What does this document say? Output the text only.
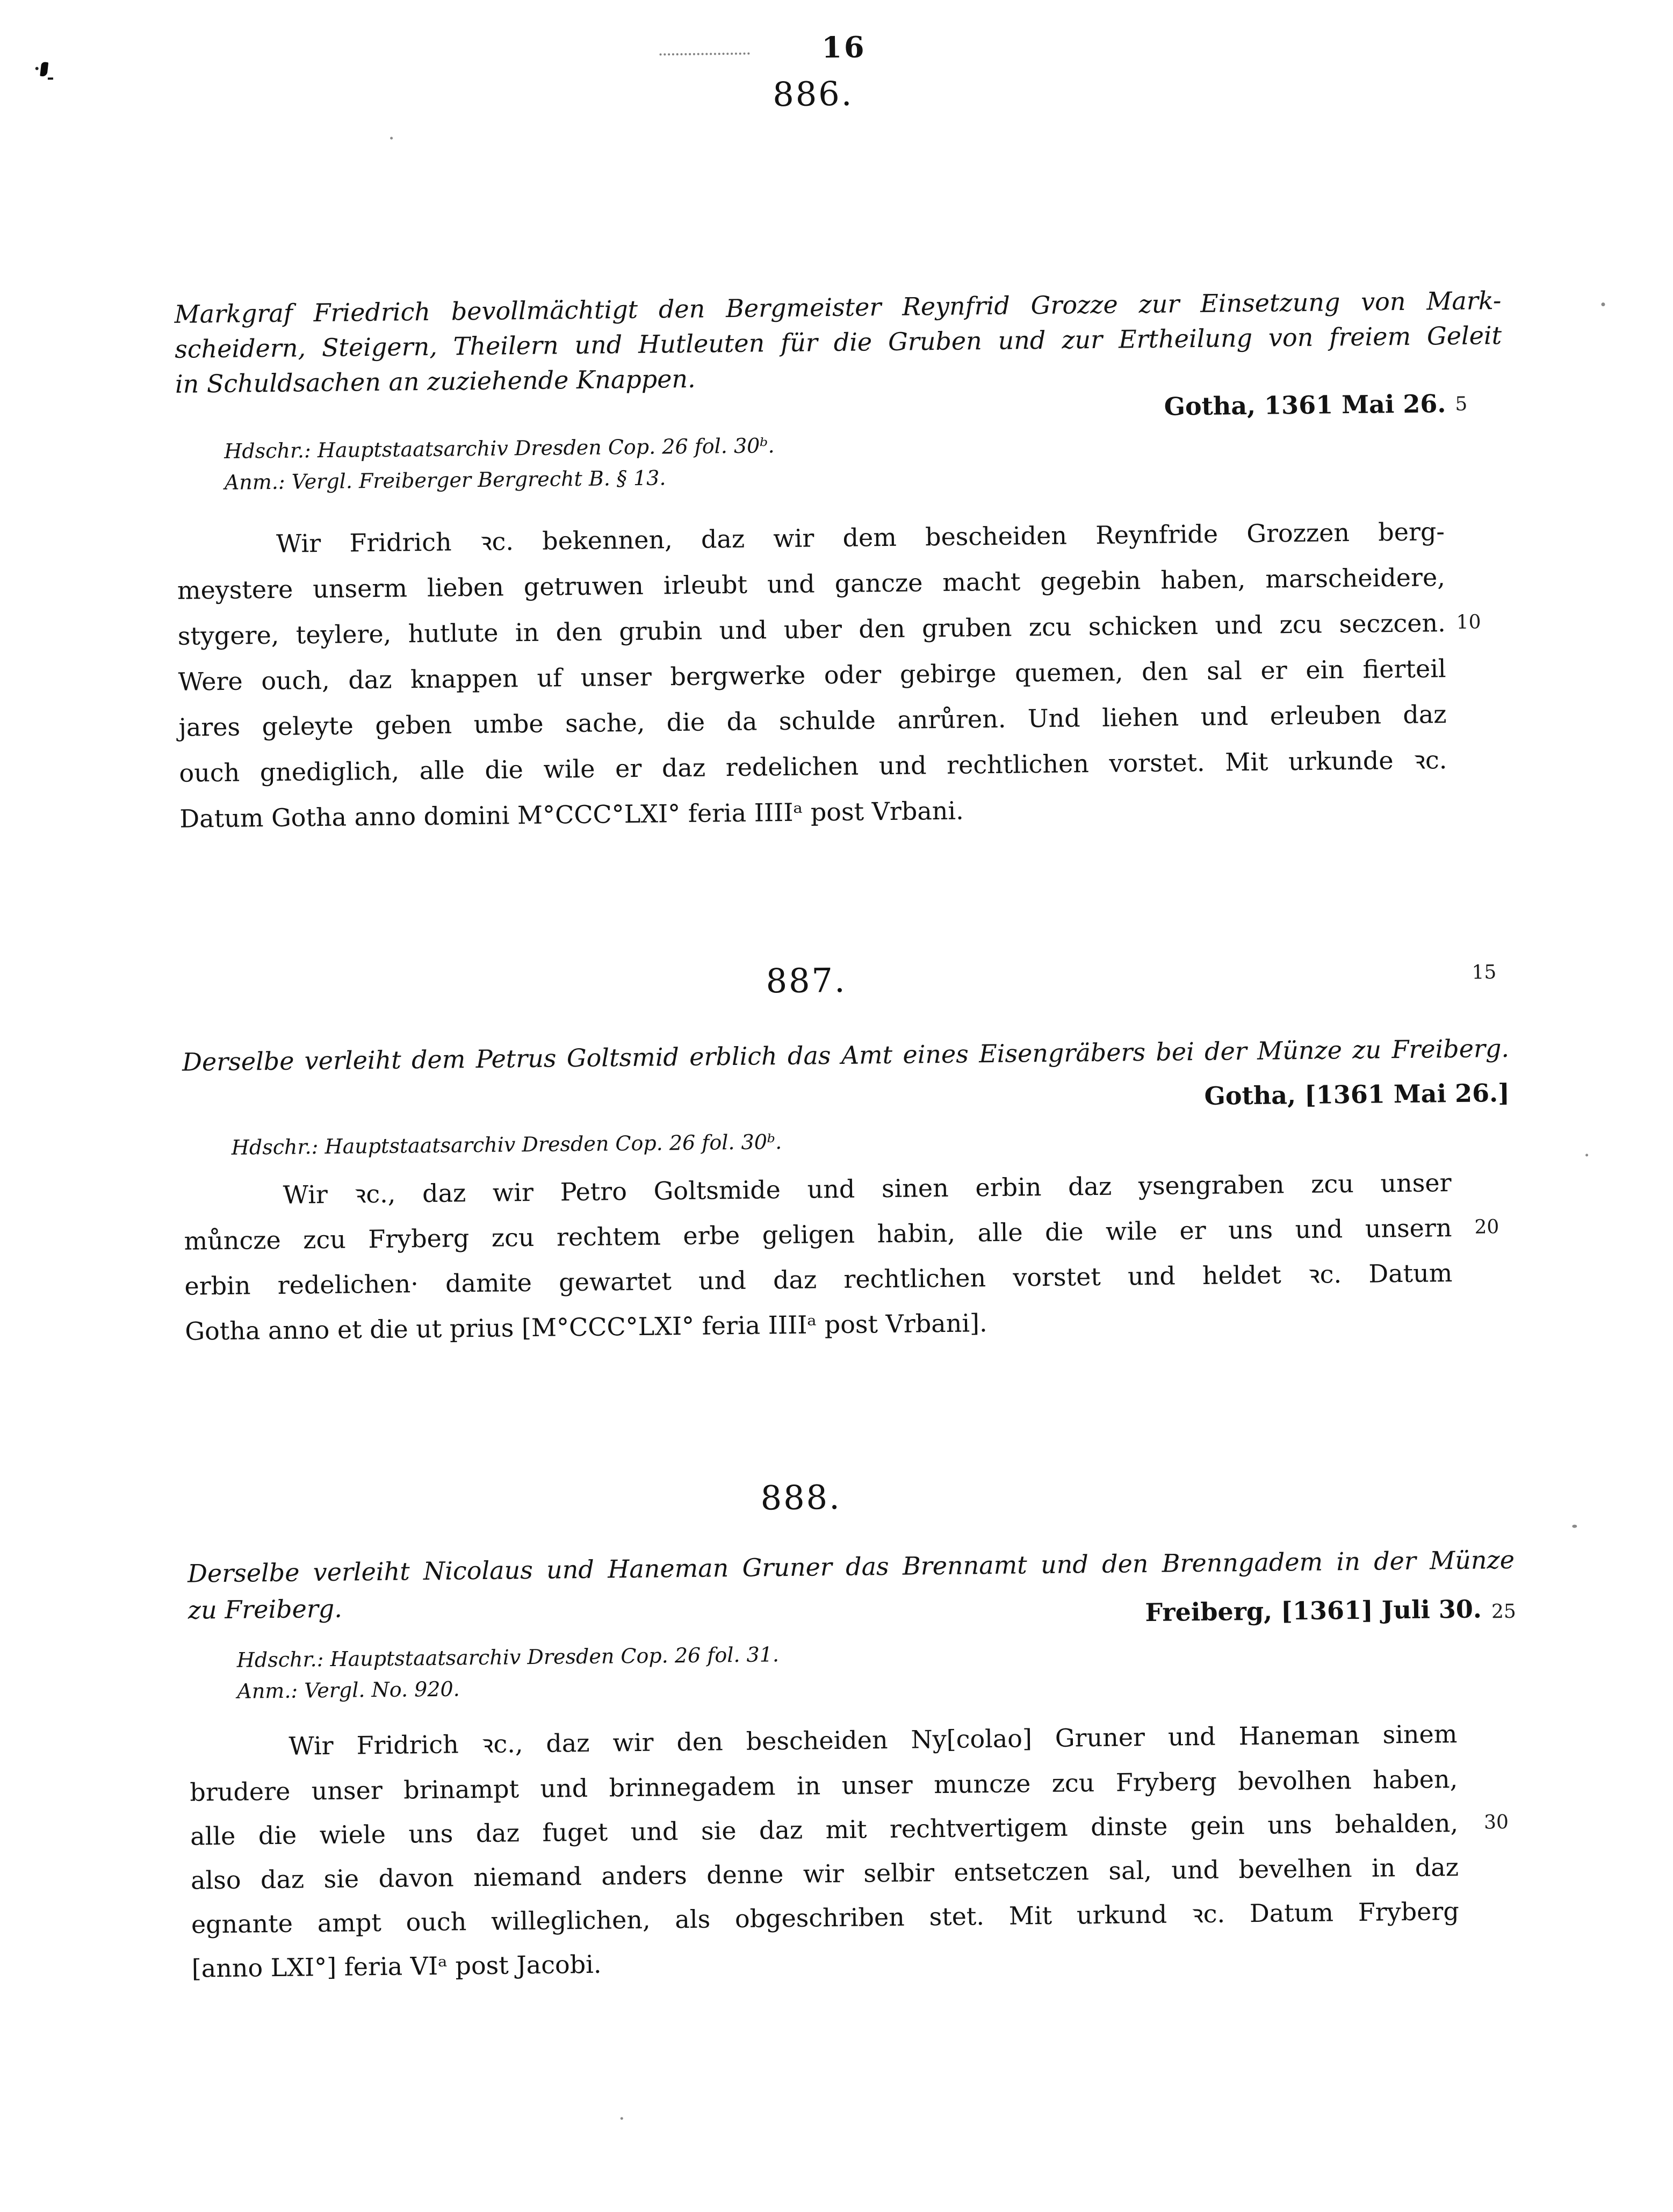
16
886.
Markgraf Friedrich bevollmächtigt den Bergmeister Reynfrid Grozze zur Einsetzung von Mark-
scheidern, Steigern, Theilern und Hutleuten für die Gruben und zur Ertheilung von freiem Geleit
in Schuldsachen an zuziehende Knappen.
Gotha, 1361 Mai 26. 5
Hdschr.: Hauptstaatsarchiv Dresden Cop. 26 fol. 30ᵇ.
Anm.: Vergl. Freiberger Bergrecht B. § 13.
Wir Fridrich ꝛc. bekennen, daz wir dem bescheiden Reynfride Grozzen berg-
meystere unserm lieben getruwen irleubt und gancze macht gegebin haben, marscheidere,
stygere, teylere, hutlute in den grubin und uber den gruben zcu schicken und zcu seczcen. 10
Were ouch, daz knappen uf unser bergwerke oder gebirge quemen, den sal er ein fierteil
jares geleyte geben umbe sache, die da schulde anrůren. Und liehen und erleuben daz
ouch gnediglich, alle die wile er daz redelichen und rechtlichen vorstet. Mit urkunde ꝛc.
Datum Gotha anno domini M°CCC°LXI° feria IIIIᵃ post Vrbani.
887.	15
Derselbe verleiht dem Petrus Goltsmid erblich das Amt eines Eisengräbers bei der Münze zu Freiberg.
Gotha, [1361 Mai 26.]
Hdschr.: Hauptstaatsarchiv Dresden Cop. 26 fol. 30ᵇ.
Wir ꝛc., daz wir Petro Goltsmide und sinen erbin daz ysengraben zcu unser
můncze zcu Fryberg zcu rechtem erbe geligen habin, alle die wile er uns und unsern 20
erbin redelichen· damite gewartet und daz rechtlichen vorstet und heldet ꝛc. Datum
Gotha anno et die ut prius [M°CCC°LXI° feria IIIIᵃ post Vrbani].
888.
Derselbe verleiht Nicolaus und Haneman Gruner das Brennamt und den Brenngadem in der Münze
zu Freiberg.	Freiberg, [1361] Juli 30. 25
Hdschr.: Hauptstaatsarchiv Dresden Cop. 26 fol. 31.
Anm.: Vergl. No. 920.
Wir Fridrich ꝛc., daz wir den bescheiden Ny[colao] Gruner und Haneman sinem
brudere unser brinampt und brinnegadem in unser muncze zcu Fryberg bevolhen haben,
alle die wiele uns daz fuget und sie daz mit rechtvertigem dinste gein uns behalden, 30
also daz sie davon niemand anders denne wir selbir entsetczen sal, und bevelhen in daz
egnante ampt ouch willeglichen, als obgeschriben stet. Mit urkund ꝛc. Datum Fryberg
[anno LXI°] feria VIᵃ post Jacobi.
